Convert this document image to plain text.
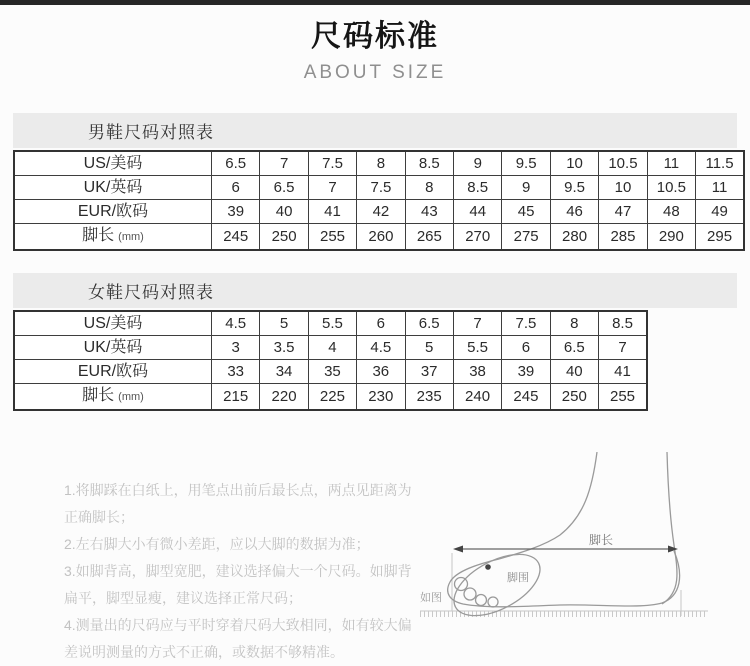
尺码标准
ABOUT SIZE
男鞋尺码对照表
US/美码	6.5	7	7.5	8	8.5	9	9.5	10	10.5	11	11.5
UK/英码	6	6.5	7	7.5	8	8.5	9	9.5	10	10.5	11
EUR/欧码	39	40	41	42	43	44	45	46	47	48	49
脚长 (mm)	245	250	255	260	265	270	275	280	285	290	295
女鞋尺码对照表
US/美码	4.5	5	5.5	6	6.5	7	7.5	8	8.5
UK/英码	3	3.5	4	4.5	5	5.5	6	6.5	7
EUR/欧码	33	34	35	36	37	38	39	40	41
脚长 (mm)	215	220	225	230	235	240	245	250	255
1.将脚踩在白纸上，用笔点出前后最长点，两点见距离为正确脚长；
2.左右脚大小有微小差距，应以大脚的数据为准；
3.如脚背高，脚型宽肥，建议选择偏大一个尺码。如脚背扁平，脚型显瘦，建议选择正常尺码；
4.测量出的尺码应与平时穿着尺码大致相同，如有较大偏差说明测量的方式不正确，或数据不够精准。
脚长
脚围
如图
